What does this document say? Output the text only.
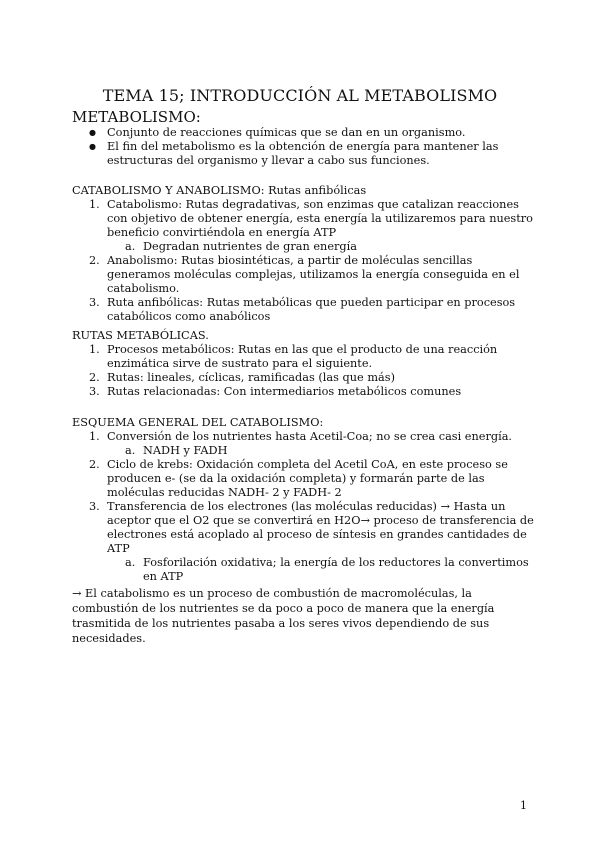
TEMA 15; INTRODUCCIÓN AL METABOLISMO
METABOLISMO:
● Conjunto de reacciones químicas que se dan en un organismo.
● El fin del metabolismo es la obtención de energía para mantener las estructuras del organismo y llevar a cabo sus funciones.

CATABOLISMO Y ANABOLISMO: Rutas anfibólicas

1. Catabolismo: Rutas degradativas, son enzimas que catalizan reacciones con objetivo de obtener energía, esta energía la utilizaremos para nuestro beneficio convirtiéndola en energía ATP
a. Degradan nutrientes de gran energía
2. Anabolismo: Rutas biosintéticas, a partir de moléculas sencillas generamos moléculas complejas, utilizamos la energía conseguida en el catabolismo.
3. Ruta anfibólicas: Rutas metabólicas que pueden participar en procesos catabólicos como anabólicos

RUTAS METABÓLICAS.

1. Procesos metabólicos: Rutas en las que el producto de una reacción enzimática sirve de sustrato para el siguiente.
2. Rutas: lineales, cíclicas, ramificadas (las que más)
3. Rutas relacionadas: Con intermediarios metabólicos comunes

ESQUEMA GENERAL DEL CATABOLISMO:

1. Conversión de los nutrientes hasta Acetil-Coa; no se crea casi energía.
a. NADH y FADH
2. Ciclo de krebs: Oxidación completa del Acetil CoA, en este proceso se producen e- (se da la oxidación completa) y formarán parte de las moléculas reducidas NADH- 2 y FADH- 2
3. Transferencia de los electrones (las moléculas reducidas) → Hasta un aceptor que el O2 que se convertirá en H2O→ proceso de transferencia de electrones está acoplado al proceso de síntesis en grandes cantidades de ATP
a. Fosforilación oxidativa; la energía de los reductores la convertimos en ATP

→ El catabolismo es un proceso de combustión de macromoléculas, la combustión de los nutrientes se da poco a poco de manera que la energía trasmitida de los nutrientes pasaba a los seres vivos dependiendo de sus necesidades.

1
